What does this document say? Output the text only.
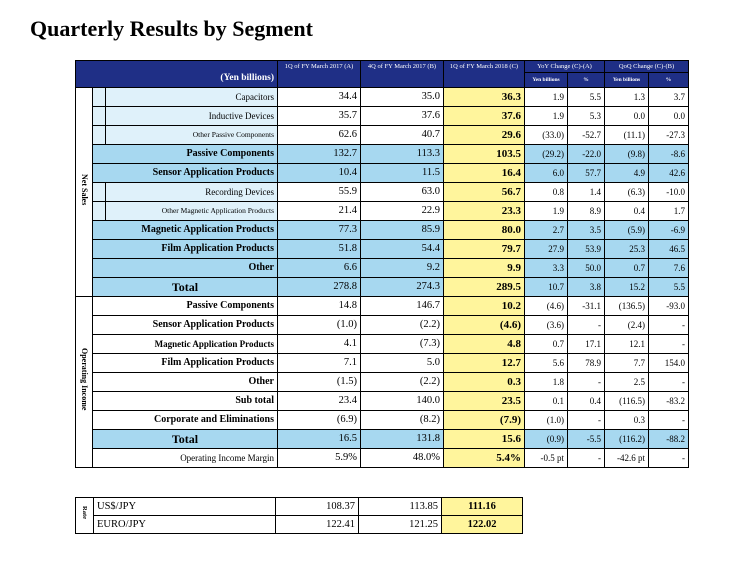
Quarterly Results by Segment
(Yen billions)			1Q of FY March 2017 (A)	4Q of FY March 2017 (B)	1Q of FY March 2018 (C)	YoY Change (C)-(A)		QoQ Change (C)-(B)	
						Yen billions	%	Yen billions	%
Net Sales		Capacitors	34.4	35.0	36.3	1.9	5.5	1.3	3.7
		Inductive Devices	35.7	37.6	37.6	1.9	5.3	0.0	0.0
		Other Passive Components	62.6	40.7	29.6	(33.0)	-52.7	(11.1)	-27.3
	Passive Components		132.7	113.3	103.5	(29.2)	-22.0	(9.8)	-8.6
	Sensor Application Products		10.4	11.5	16.4	6.0	57.7	4.9	42.6
		Recording Devices	55.9	63.0	56.7	0.8	1.4	(6.3)	-10.0
		Other Magnetic Application Products	21.4	22.9	23.3	1.9	8.9	0.4	1.7
	Magnetic Application Products		77.3	85.9	80.0	2.7	3.5	(5.9)	-6.9
	Film Application Products		51.8	54.4	79.7	27.9	53.9	25.3	46.5
	Other		6.6	9.2	9.9	3.3	50.0	0.7	7.6
	Total		278.8	274.3	289.5	10.7	3.8	15.2	5.5
Operating Income	Passive Components		14.8	146.7	10.2	(4.6)	-31.1	(136.5)	-93.0
	Sensor Application Products		(1.0)	(2.2)	(4.6)	(3.6)	-	(2.4)	-
	Magnetic Application Products		4.1	(7.3)	4.8	0.7	17.1	12.1	-
	Film Application Products		7.1	5.0	12.7	5.6	78.9	7.7	154.0
	Other		(1.5)	(2.2)	0.3	1.8	-	2.5	-
	Sub total		23.4	140.0	23.5	0.1	0.4	(116.5)	-83.2
	Corporate and Eliminations		(6.9)	(8.2)	(7.9)	(1.0)	-	0.3	-
	Total		16.5	131.8	15.6	(0.9)	-5.5	(116.2)	-88.2
	Operating Income Margin		5.9%	48.0%	5.4%	-0.5 pt	-	-42.6 pt	-
Rate	US$/JPY	108.37	113.85	111.16
	EURO/JPY	122.41	121.25	122.02
